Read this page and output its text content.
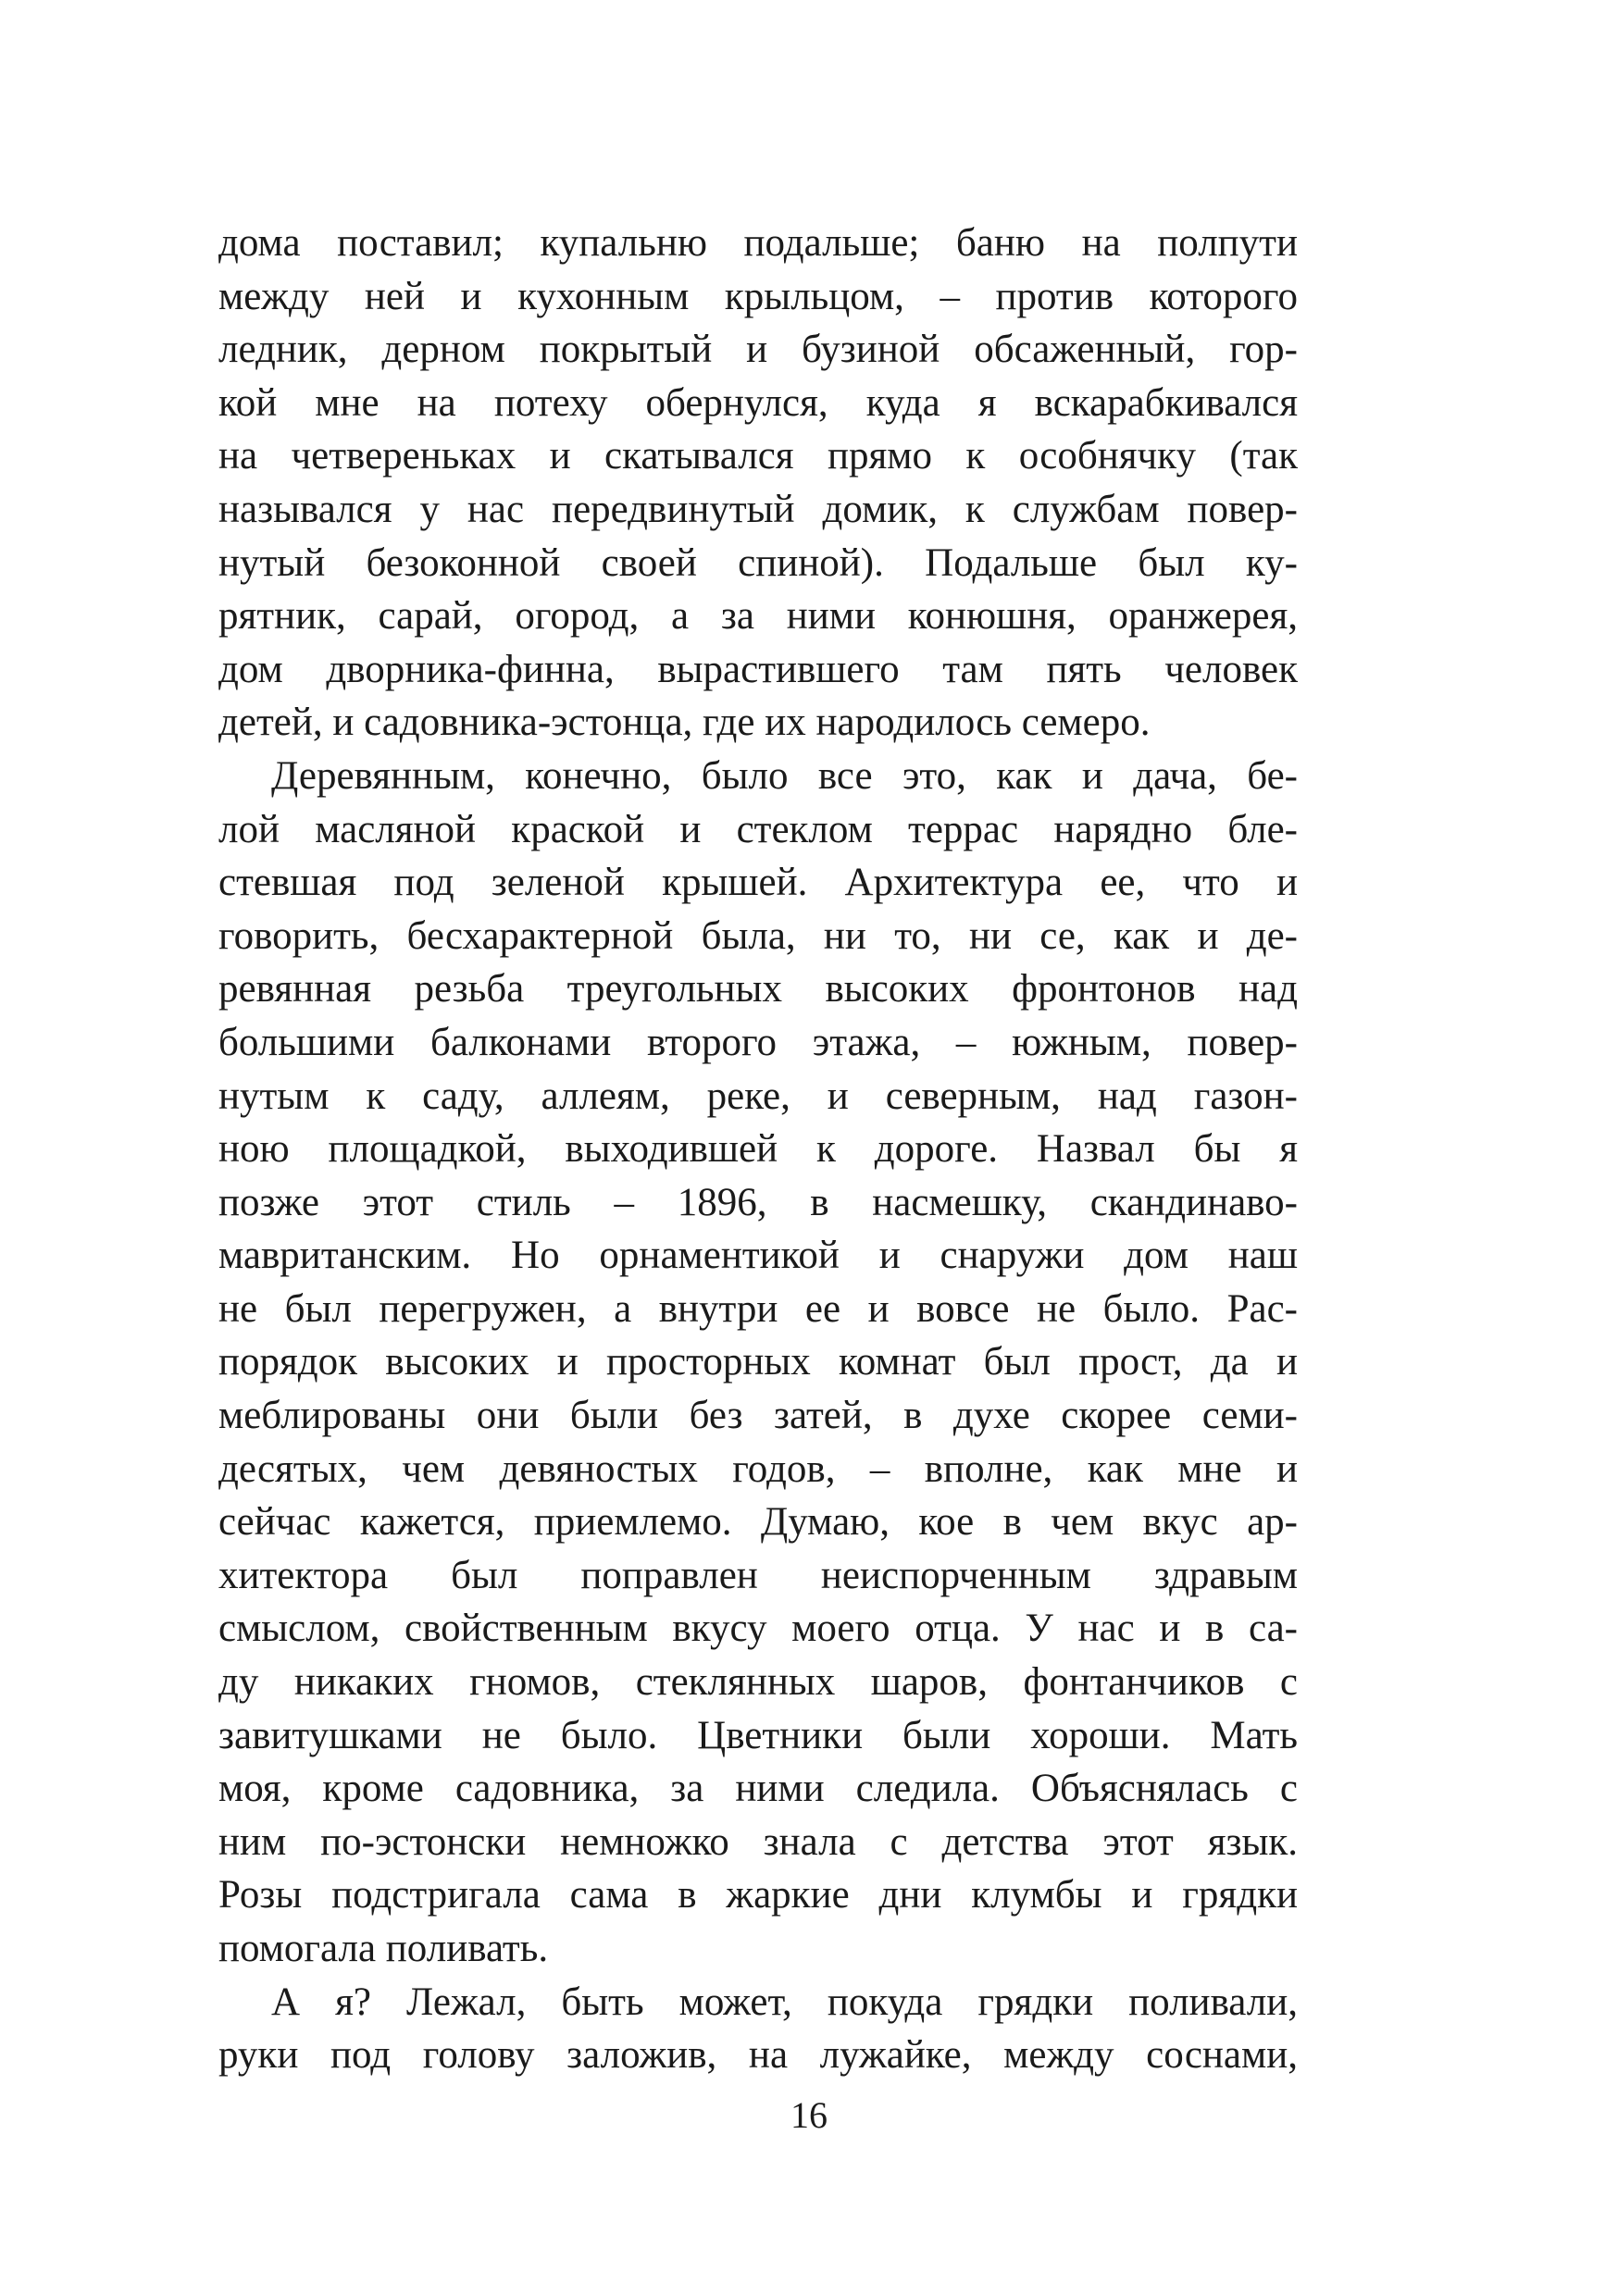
дома поставил; купальню подальше; баню на полпути
между ней и кухонным крыльцом, – против которого
ледник, дерном покрытый и бузиной обсаженный, гор-
кой мне на потеху обернулся, куда я вскарабкивался
на четвереньках и скатывался прямо к особнячку (так
назывался у нас передвинутый домик, к службам повер-
нутый безоконной своей спиной). Подальше был ку-
рятник, сарай, огород, а за ними конюшня, оранжерея,
дом дворника-финна, вырастившего там пять человек
детей, и садовника-эстонца, где их народилось семеро.

Деревянным, конечно, было все это, как и дача, бе-
лой масляной краской и стеклом террас нарядно бле-
стевшая под зеленой крышей. Архитектура ее, что и
говорить, бесхарактерной была, ни то, ни се, как и де-
ревянная резьба треугольных высоких фронтонов над
большими балконами второго этажа, – южным, повер-
нутым к саду, аллеям, реке, и северным, над газон-
ною площадкой, выходившей к дороге. Назвал бы я
позже этот стиль – 1896, в насмешку, скандинаво-
мавританским. Но орнаментикой и снаружи дом наш
не был перегружен, а внутри ее и вовсе не было. Рас-
порядок высоких и просторных комнат был прост, да и
меблированы они были без затей, в духе скорее семи-
десятых, чем девяностых годов, – вполне, как мне и
сейчас кажется, приемлемо. Думаю, кое в чем вкус ар-
хитектора был поправлен неиспорченным здравым
смыслом, свойственным вкусу моего отца. У нас и в са-
ду никаких гномов, стеклянных шаров, фонтанчиков с
завитушками не было. Цветники были хороши. Мать
моя, кроме садовника, за ними следила. Объяснялась с
ним по-эстонски немножко знала с детства этот язык.
Розы подстригала сама в жаркие дни клумбы и грядки
помогала поливать.

А я? Лежал, быть может, покуда грядки поливали,
руки под голову заложив, на лужайке, между соснами,

16
